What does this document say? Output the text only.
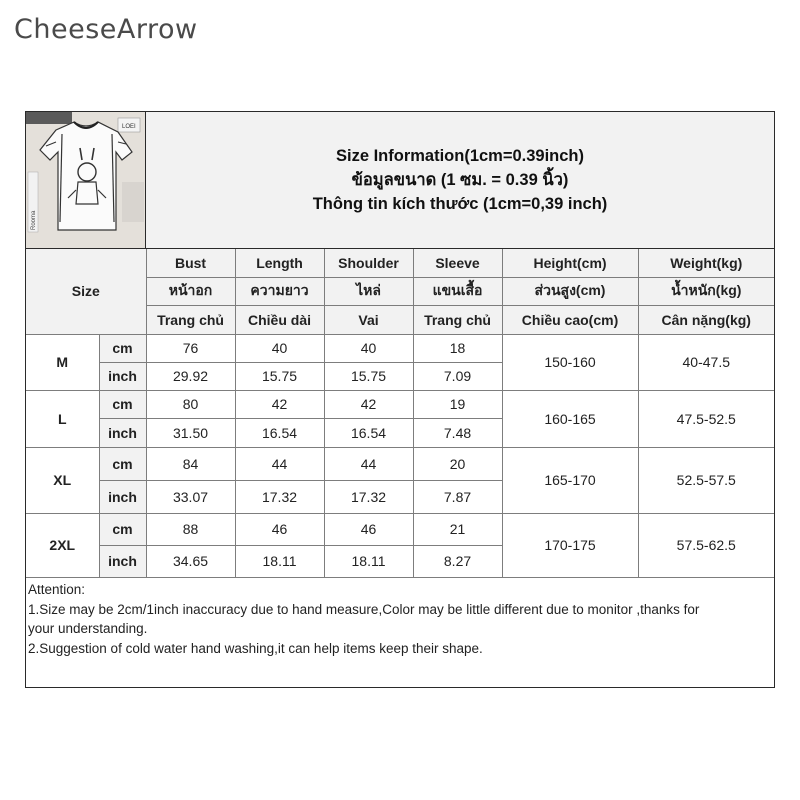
CheeseArrow
LOEI
Rooma
Size Information(1cm=0.39inch)
ข้อมูลขนาด (1 ซม. = 0.39 นิ้ว)
Thông tin kích thước (1cm=0,39 inch)
Size		Bust	Length	Shoulder	Sleeve	Height(cm)	Weight(kg)
		หน้าอก	ความยาว	ไหล่	แขนเสื้อ	ส่วนสูง(cm)	น้ำหนัก(kg)
		Trang chủ	Chiều dài	Vai	Trang chủ	Chiều cao(cm)	Cân nặng(kg)
M	cm	76	40	40	18	150-160	40-47.5
	inch	29.92	15.75	15.75	7.09		
L	cm	80	42	42	19	160-165	47.5-52.5
	inch	31.50	16.54	16.54	7.48		
XL	cm	84	44	44	20	165-170	52.5-57.5
	inch	33.07	17.32	17.32	7.87		
2XL	cm	88	46	46	21	170-175	57.5-62.5
	inch	34.65	18.11	18.11	8.27		
Attention:
1.Size may be 2cm/1inch inaccuracy due to hand measure,Color may be little different due to monitor ,thanks for
your understanding.
2.Suggestion of cold water hand washing,it can help items keep their shape.
